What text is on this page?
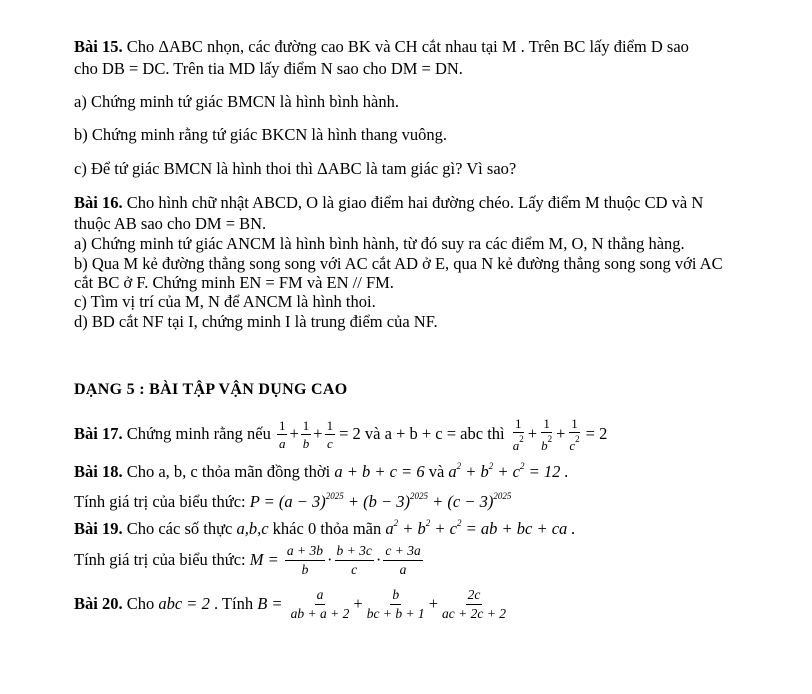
Bài 15. Cho ΔABC nhọn, các đường cao BK và CH cắt nhau tại M . Trên BC lấy điểm D sao
cho DB = DC. Trên tia MD lấy điểm N sao cho DM = DN.
a) Chứng minh tứ giác BMCN là hình bình hành.
b) Chứng minh rằng tứ giác BKCN là hình thang vuông.
c) Để tứ giác BMCN là hình thoi thì ΔABC là tam giác gì? Vì sao?
Bài 16. Cho hình chữ nhật ABCD, O là giao điểm hai đường chéo. Lấy điểm M thuộc CD và N
thuộc AB sao cho DM = BN.
a) Chứng minh tứ giác ANCM là hình bình hành, từ đó suy ra các điểm M, O, N thẳng hàng.
b) Qua M kẻ đường thẳng song song với AC cắt AD ở E, qua N kẻ đường thẳng song song với AC
cắt BC ở F. Chứng minh EN = FM và EN // FM.
c) Tìm vị trí của M, N để ANCM là hình thoi.
d) BD cắt NF tại I, chứng minh I là trung điểm của NF.
DẠNG 5 : BÀI TẬP VẬN DỤNG CAO
Bài 17. Chứng minh rằng nếu $\frac{1}{a} + \frac{1}{b} + \frac{1}{c} = 2$ và a + b + c = abc thì $\frac{1}{a^2} + \frac{1}{b^2} + \frac{1}{c^2} = 2$
Bài 18. Cho a, b, c thỏa mãn đồng thời a + b + c = 6 và $a^2 + b^2 + c^2 = 12$ .
Tính giá trị của biểu thức: $P = (a - 3)^{2025} + (b - 3)^{2025} + (c - 3)^{2025}$
Bài 19. Cho các số thực a,b,c khác 0 thỏa mãn $a^2 + b^2 + c^2$ = ab + bc + ca .
Tính giá trị của biểu thức: $M = \frac{a + 3b}{b} \cdot \frac{b + 3c}{c} \cdot \frac{c + 3a}{a}$
Bài 20. Cho abc = 2 . Tính $B = \frac{a}{ab + a + 2} + \frac{b}{bc + b + 1} + \frac{2c}{ac + 2c + 2}$
